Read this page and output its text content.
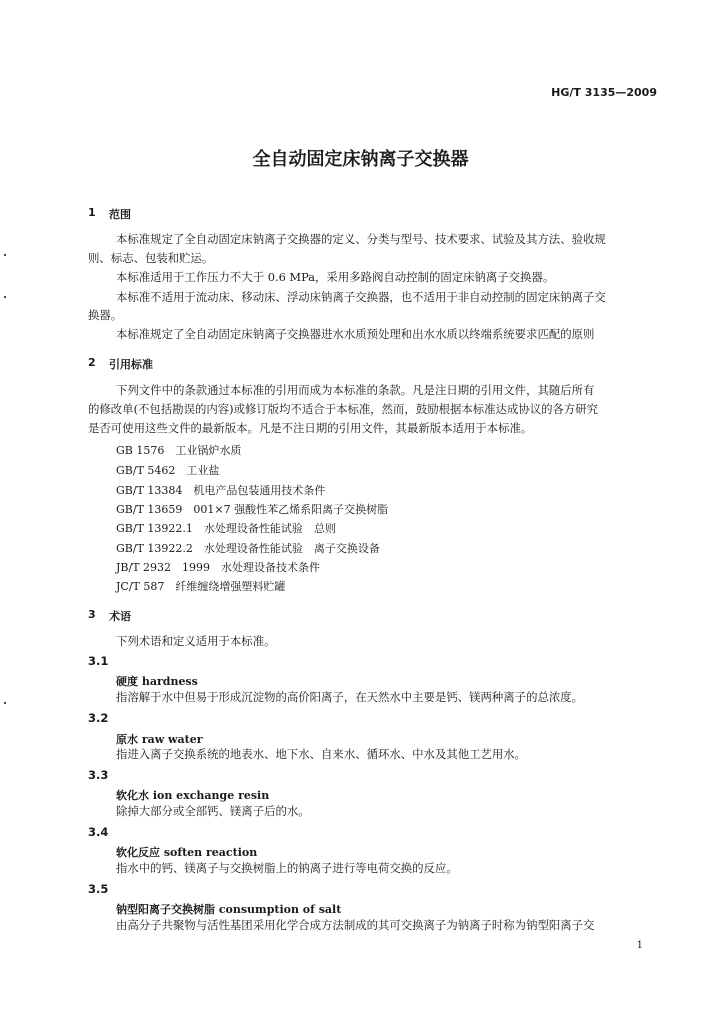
HG/T 3135—2009
全自动固定床钠离子交换器
1 范围
本标准规定了全自动固定床钠离子交换器的定义、分类与型号、技术要求、试验及其方法、验收规
则、标志、包装和贮运。
本标准适用于工作压力不大于 0.6 MPa，采用多路阀自动控制的固定床钠离子交换器。
本标准不适用于流动床、移动床、浮动床钠离子交换器，也不适用于非自动控制的固定床钠离子交
换器。
本标准规定了全自动固定床钠离子交换器进水水质预处理和出水水质以终端系统要求匹配的原则
2 引用标准
下列文件中的条款通过本标准的引用而成为本标准的条款。凡是注日期的引用文件，其随后所有
的修改单(不包括勘误的内容)或修订版均不适合于本标准，然而，鼓励根据本标准达成协议的各方研究
是否可使用这些文件的最新版本。凡是不注日期的引用文件，其最新版本适用于本标准。
GB 1576　工业锅炉水质
GB/T 5462　工业盐
GB/T 13384　机电产品包装通用技术条件
GB/T 13659　001×7 强酸性苯乙烯系阳离子交换树脂
GB/T 13922.1　水处理设备性能试验　总则
GB/T 13922.2　水处理设备性能试验　离子交换设备
JB/T 2932　1999　水处理设备技术条件
JC/T 587　纤维缠绕增强塑料贮罐
3 术语
下列术语和定义适用于本标准。
3.1
硬度 hardness
指溶解于水中但易于形成沉淀物的高价阳离子，在天然水中主要是钙、镁两种离子的总浓度。
3.2
原水 raw water
指进入离子交换系统的地表水、地下水、自来水、循环水、中水及其他工艺用水。
3.3
软化水 ion exchange resin
除掉大部分或全部钙、镁离子后的水。
3.4
软化反应 soften reaction
指水中的钙、镁离子与交换树脂上的钠离子进行等电荷交换的反应。
3.5
钠型阳离子交换树脂 consumption of salt
由高分子共聚物与活性基团采用化学合成方法制成的其可交换离子为钠离子时称为钠型阳离子交
1
